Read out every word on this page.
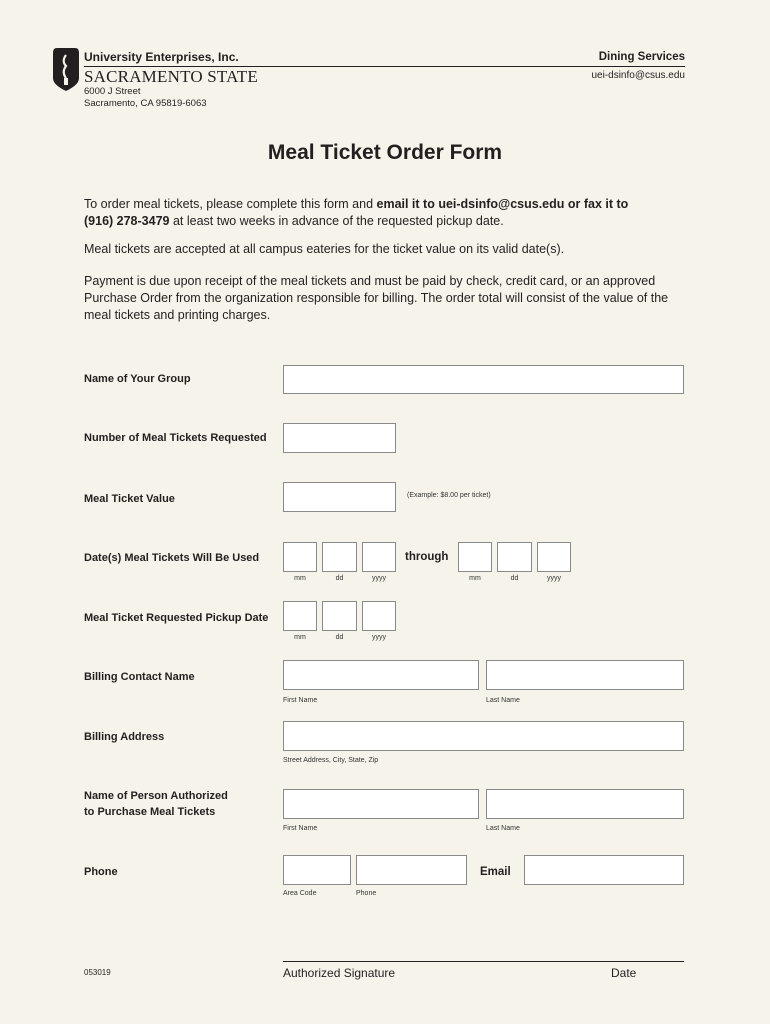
University Enterprises, Inc.
SACRAMENTO STATE
6000 J Street
Sacramento, CA 95819-6063
Dining Services
uei-dsinfo@csus.edu
Meal Ticket Order Form
To order meal tickets, please complete this form and email it to uei-dsinfo@csus.edu or fax it to
(916) 278-3479 at least two weeks in advance of the requested pickup date.
Meal tickets are accepted at all campus eateries for the ticket value on its valid date(s).
Payment is due upon receipt of the meal tickets and must be paid by check, credit card, or an approved Purchase Order from the organization responsible for billing. The order total will consist of the value of the meal tickets and printing charges.
Name of Your Group
Number of Meal Tickets Requested
Meal Ticket Value	(Example: $8.00 per ticket)
Date(s) Meal Tickets Will Be Used
mm	dd	yyyy
through
mm	dd	yyyy
Meal Ticket Requested Pickup Date
mm	dd	yyyy
Billing Contact Name
First Name	Last Name
Billing Address
Street Address, City, State, Zip
Name of Person Authorized
to Purchase Meal Tickets
First Name	Last Name
Phone
Area Code	Phone
Email
053019	Authorized Signature	Date
